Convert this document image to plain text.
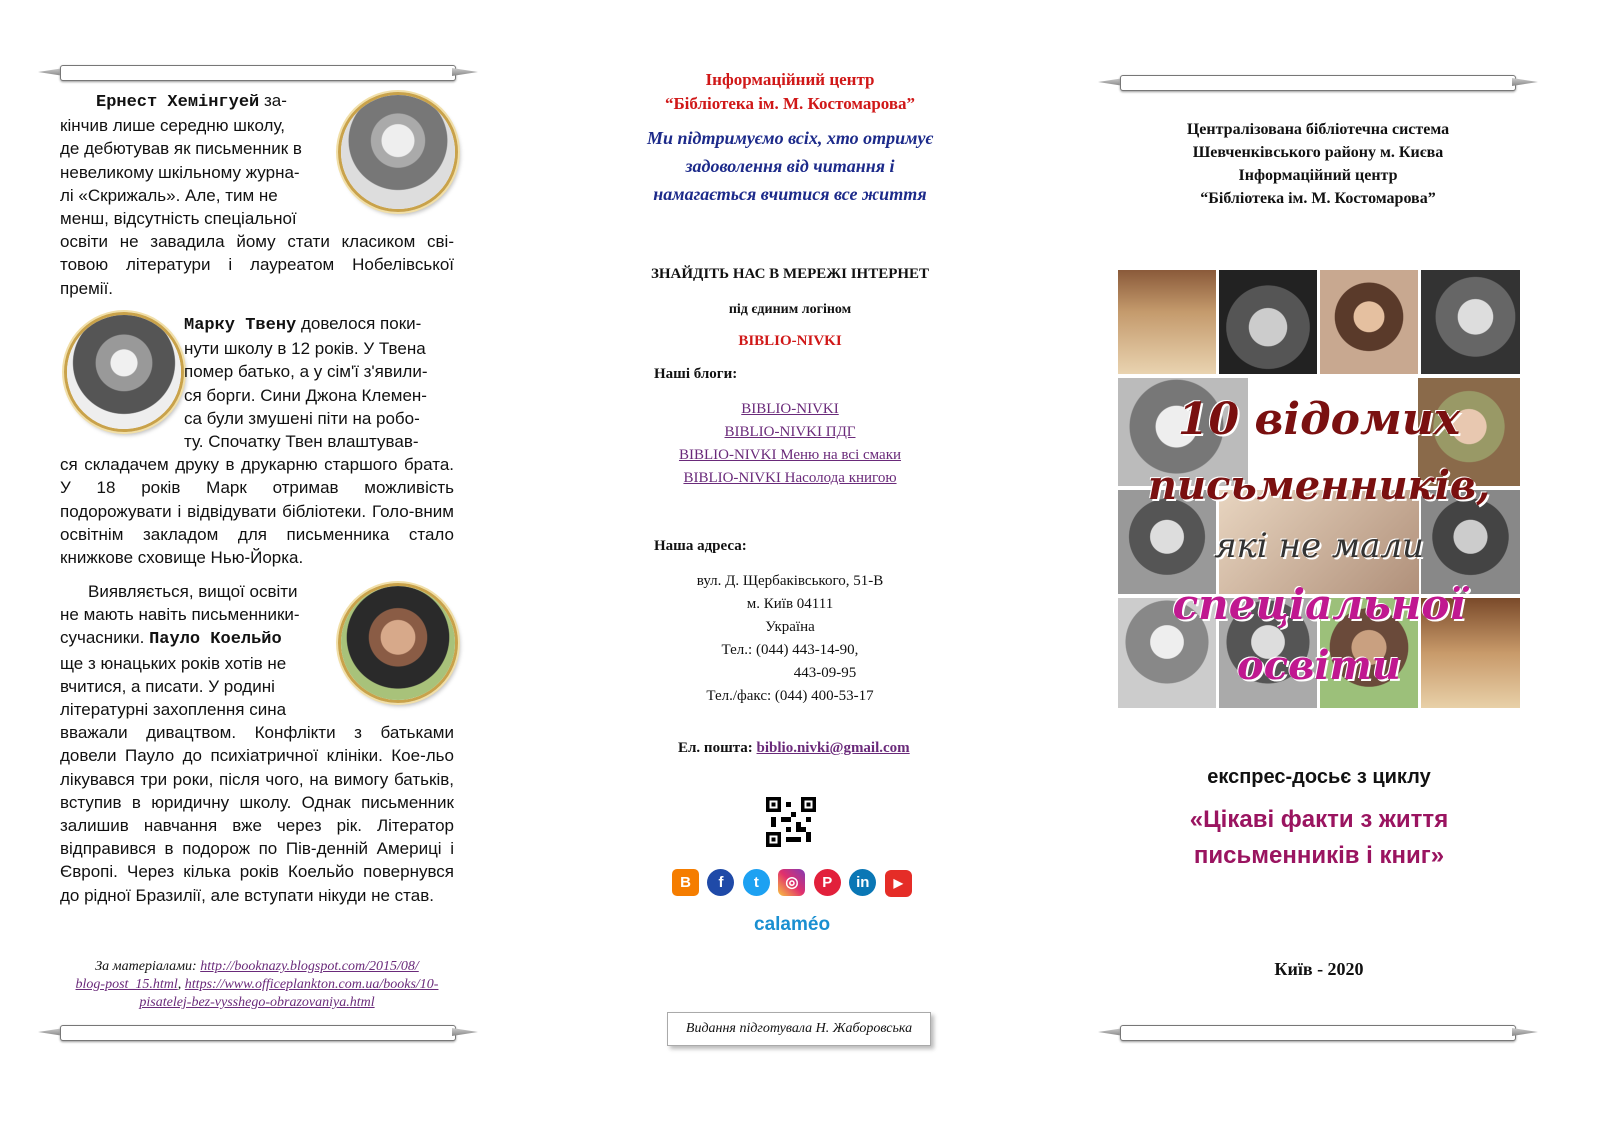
Ернест Хемінгуей за-
кінчив лише середню школу,
де дебютував як письменник в
невеликому шкільному журна-
лі «Скрижаль». Але, тим не
менш, відсутність спеціальної
освіти не завадила йому стати класиком сві-товою літератури і лауреатом Нобелівської премії.
Марку Твену довелося поки-
нути школу в 12 років. У Твена
помер батько, а у сім'ї з'явили-
ся борги. Сини Джона Клемен-
са були змушені піти на робо-
ту. Спочатку Твен влаштував-
ся складачем друку в друкарню старшого брата. У 18 років Марк отримав можливість подорожувати і відвідувати бібліотеки. Голо-вним освітнім закладом для письменника стало книжкове сховище Нью-Йорка.
Виявляється, вищої освіти
не мають навіть письменники-
сучасники. Пауло Коельйо
ще з юнацьких років хотів не
вчитися, а писати. У родині
літературні захоплення сина
вважали дивацтвом. Конфлікти з батьками довели Пауло до психіатричної клініки. Кое-льо лікувався три роки, після чого, на вимогу батьків, вступив в юридичну школу. Однак письменник залишив навчання вже через рік. Літератор відправився в подорож по Пів-денній Америці і Європі. Через кілька років Коельйо повернувся до рідної Бразилії, але вступати нікуди не став.
За матеріалами: http://booknazy.blogspot.com/2015/08/
blog-post_15.html, https://www.officeplankton.com.ua/books/10-
pisatelej-bez-vysshego-obrazovaniya.html
Інформаційний центр
“Бібліотека ім. М. Костомарова”
Ми підтримуємо всіх, хто отримує
задоволення від читання і
намагається вчитися все життя
ЗНАЙДІТЬ НАС В МЕРЕЖІ ІНТЕРНЕТ
під єдиним логіном
BIBLIO-NIVKI
Наші блоги:
BIBLIO-NIVKI
BIBLIO-NIVKI ПДГ
BIBLIO-NIVKI Меню на всі смаки
BIBLIO-NIVKI Насолода книгою
Наша адреса:
вул. Д. Щербаківського, 51-В
м. Київ 04111
Україна
Тел.: (044) 443-14-90,
443-09-95
Тел./факс: (044) 400-53-17
Ел. пошта: biblio.nivki@gmail.com
B f t ◎ P in ▶
calaméo
Видання підготувала Н. Жаборовська
Централізована бібліотечна система
Шевченківського району м. Києва
Інформаційний центр
“Бібліотека ім. М. Костомарова”
10 відомих
письменників,
які не мали
спеціальної
освіти
експрес-досьє з циклу
«Цікаві факти з життя
письменників і книг»
Київ - 2020
